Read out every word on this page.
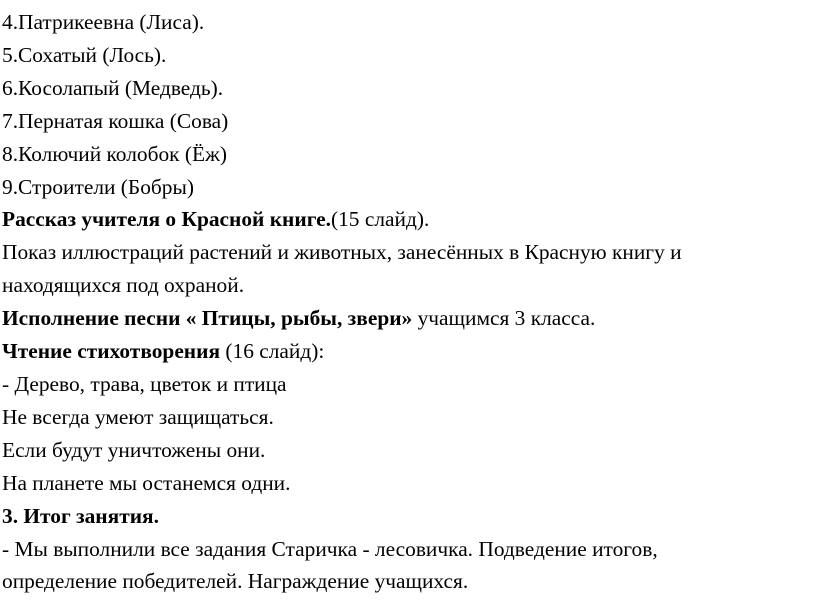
4.Патрикеевна (Лиса).

5.Сохатый (Лось).

6.Косолапый (Медведь).

7.Пернатая кошка (Сова)

8.Колючий колобок (Ёж)

9.Строители (Бобры)

Рассказ учителя о Красной книге.(15 слайд).

Показ иллюстраций растений и животных, занесённых в Красную книгу и

находящихся под охраной.

Исполнение песни « Птицы, рыбы, звери» учащимся 3 класса.

Чтение стихотворения (16 слайд):

- Дерево, трава, цветок и птица

Не всегда умеют защищаться.

Если будут уничтожены они.

На планете мы останемся одни.

3. Итог занятия.

- Мы выполнили все задания Старичка - лесовичка. Подведение итогов,

определение победителей. Награждение учащихся.
